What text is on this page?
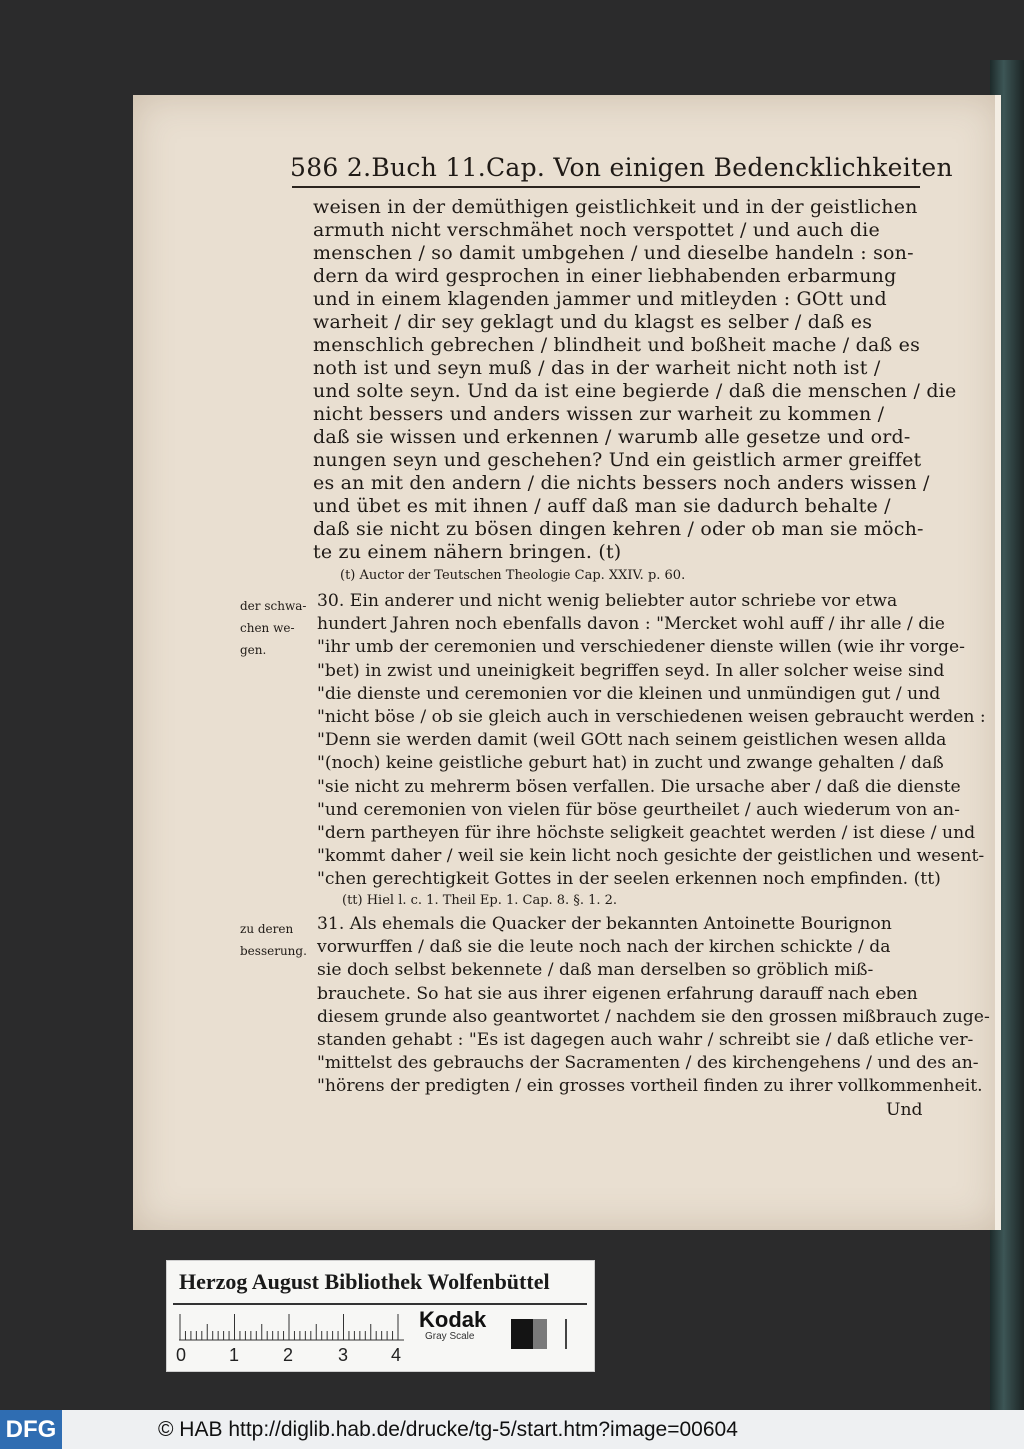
586 2.Buch 11.Cap. Von einigen Bedencklichkeiten
weisen in der demüthigen geistlichkeit und in der geistlichen
armuth nicht verschmähet noch verspottet / und auch die
menschen / so damit umbgehen / und dieselbe handeln : son-
dern da wird gesprochen in einer liebhabenden erbarmung
und in einem klagenden jammer und mitleyden : GOtt und
warheit / dir sey geklagt und du klagst es selber / daß es
menschlich gebrechen / blindheit und boßheit mache / daß es
noth ist und seyn muß / das in der warheit nicht noth ist /
und solte seyn. Und da ist eine begierde / daß die menschen / die
nicht bessers und anders wissen zur warheit zu kommen /
daß sie wissen und erkennen / warumb alle gesetze und ord-
nungen seyn und geschehen? Und ein geistlich armer greiffet
es an mit den andern / die nichts bessers noch anders wissen /
und übet es mit ihnen / auff daß man sie dadurch behalte /
daß sie nicht zu bösen dingen kehren / oder ob man sie möch-
te zu einem nähern bringen. (t)
(t) Auctor der Teutschen Theologie Cap. XXIV. p. 60.
der schwa-
chen we-
gen.
30. Ein anderer und nicht wenig beliebter autor schriebe vor etwa
hundert Jahren noch ebenfalls davon : "Mercket wohl auff / ihr alle / die
"ihr umb der ceremonien und verschiedener dienste willen (wie ihr vorge-
"bet) in zwist und uneinigkeit begriffen seyd. In aller solcher weise sind
"die dienste und ceremonien vor die kleinen und unmündigen gut / und
"nicht böse / ob sie gleich auch in verschiedenen weisen gebraucht werden :
"Denn sie werden damit (weil GOtt nach seinem geistlichen wesen allda
"(noch) keine geistliche geburt hat) in zucht und zwange gehalten / daß
"sie nicht zu mehrerm bösen verfallen. Die ursache aber / daß die dienste
"und ceremonien von vielen für böse geurtheilet / auch wiederum von an-
"dern partheyen für ihre höchste seligkeit geachtet werden / ist diese / und
"kommt daher / weil sie kein licht noch gesichte der geistlichen und wesent-
"chen gerechtigkeit Gottes in der seelen erkennen noch empfinden. (tt)
(tt) Hiel l. c. 1. Theil Ep. 1. Cap. 8. §. 1. 2.
zu deren
besserung.
31. Als ehemals die Quacker der bekannten Antoinette Bourignon
vorwurffen / daß sie die leute noch nach der kirchen schickte / da
sie doch selbst bekennete / daß man derselben so gröblich miß-
brauchete. So hat sie aus ihrer eigenen erfahrung darauff nach eben
diesem grunde also geantwortet / nachdem sie den grossen mißbrauch zuge-
standen gehabt : "Es ist dagegen auch wahr / schreibt sie / daß etliche ver-
"mittelst des gebrauchs der Sacramenten / des kirchengehens / und des an-
"hörens der predigten / ein grosses vortheil finden zu ihrer vollkommenheit.
Und
Herzog August Bibliothek Wolfenbüttel
0 1 2 3 4
Kodak
Gray Scale
DFG	© HAB http://diglib.hab.de/drucke/tg-5/start.htm?image=00604
